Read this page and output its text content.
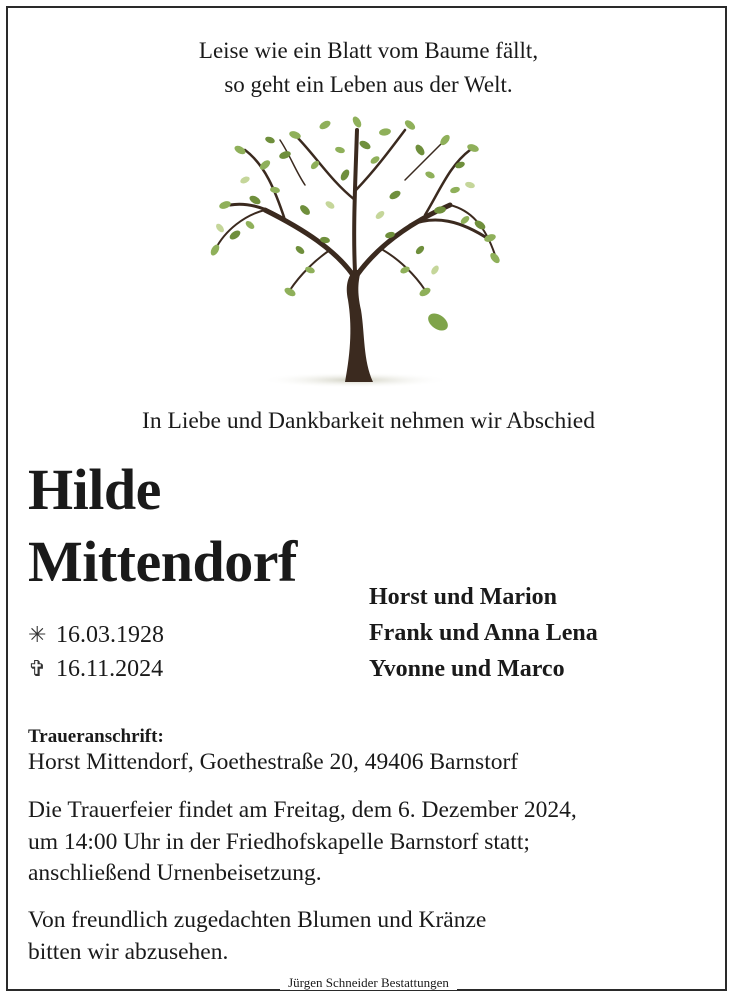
Leise wie ein Blatt vom Baume fällt,
so geht ein Leben aus der Welt.
In Liebe und Dankbarkeit nehmen wir Abschied
Hilde
Mittendorf
✳ 16.03.1928
✞ 16.11.2024
Horst und Marion
Frank und Anna Lena
Yvonne und Marco
Traueranschrift:
Horst Mittendorf, Goethestraße 20, 49406 Barnstorf
Die Trauerfeier findet am Freitag, dem 6. Dezember 2024,
um 14:00 Uhr in der Friedhofskapelle Barnstorf statt;
anschließend Urnenbeisetzung.
Von freundlich zugedachten Blumen und Kränze
bitten wir abzusehen.
Jürgen Schneider Bestattungen
